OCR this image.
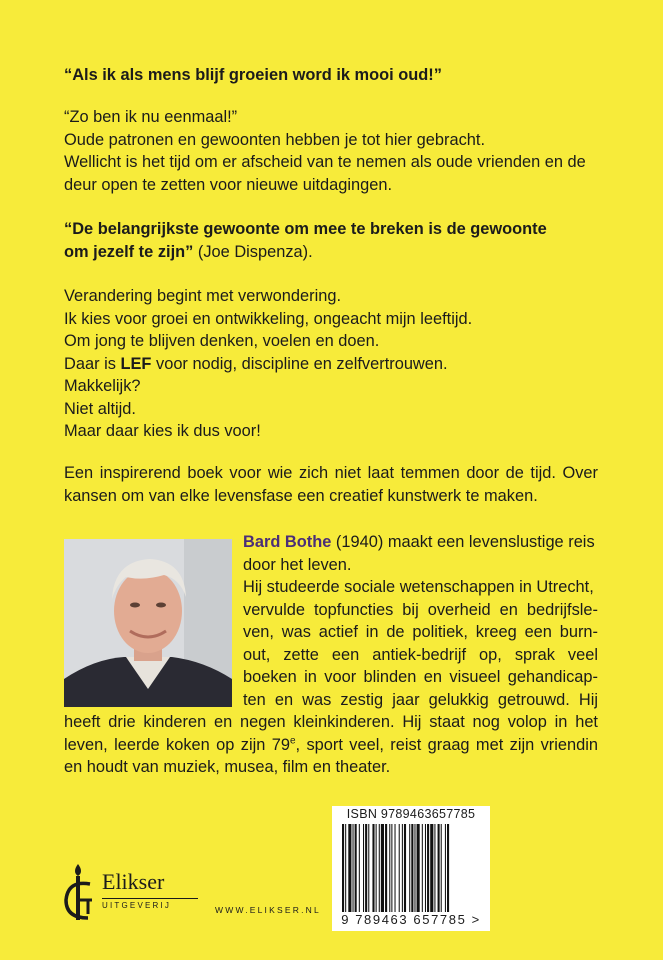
“Als ik als mens blijf groeien word ik mooi oud!”

“Zo ben ik nu eenmaal!”
Oude patronen en gewoonten hebben je tot hier gebracht.
Wellicht is het tijd om er afscheid van te nemen als oude vrienden en de
deur open te zetten voor nieuwe uitdagingen.
“De belangrijkste gewoonte om mee te breken is de gewoonte
om jezelf te zijn” (Joe Dispenza).
Verandering begint met verwondering.
Ik kies voor groei en ontwikkeling, ongeacht mijn leeftijd.
Om jong te blijven denken, voelen en doen.
Daar is LEF voor nodig, discipline en zelfvertrouwen.
Makkelijk?
Niet altijd.
Maar daar kies ik dus voor!
Een inspirerend boek voor wie zich niet laat temmen door de tijd. Over
kansen om van elke levensfase een creatief kunstwerk te maken.
Bard Bothe (1940) maakt een levenslustige reis
door het leven.
Hij studeerde sociale wetenschappen in Utrecht,
vervulde topfuncties bij overheid en bedrijfsle-
ven, was actief in de politiek, kreeg een burn-
out, zette een antiek-bedrijf op, sprak veel
boeken in voor blinden en visueel gehandicap-
ten en was zestig jaar gelukkig getrouwd. Hij
heeft drie kinderen en negen kleinkinderen. Hij staat nog volop in het
leven, leerde koken op zijn 79e, sport veel, reist graag met zijn vriendin
en houdt van muziek, musea, film en theater.
ISBN 9789463657785
9 789463 657785 >
Elikser
UITGEVERIJ	WWW.ELIKSER.NL
